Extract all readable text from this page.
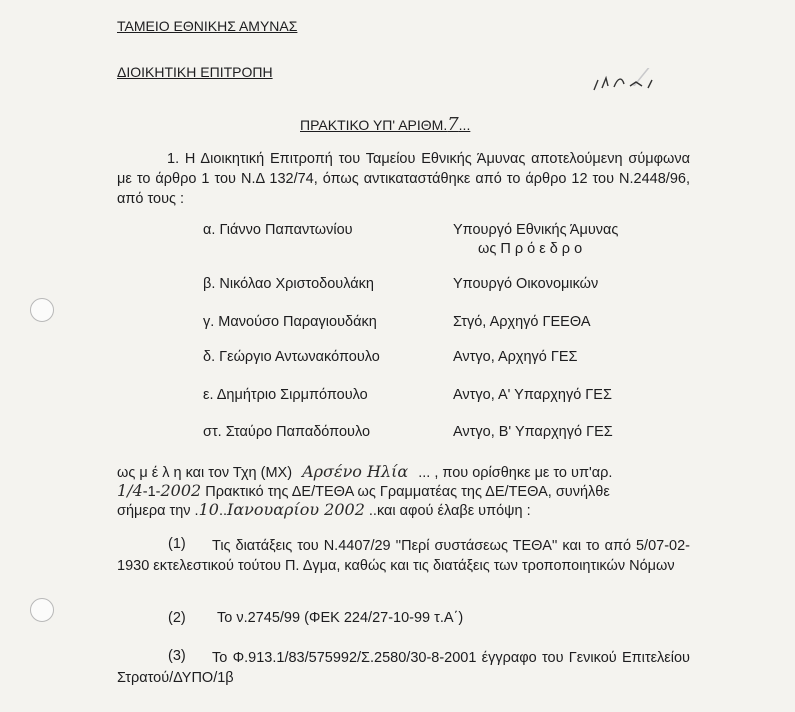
⁄
ΤΑΜΕΙΟ ΕΘΝΙΚΗΣ ΑΜΥΝΑΣ
ΔΙΟΙΚΗΤΙΚΗ ΕΠΙΤΡΟΠΗ
ΠΡΑΚΤΙΚΟ ΥΠ' ΑΡΙΘΜ.7...
1. Η Διοικητική Επιτροπή του Ταμείου Εθνικής Άμυνας αποτελούμενη σύμφωνα με το άρθρο 1 του Ν.Δ 132/74, όπως αντικαταστάθηκε από το άρθρο 12 του Ν.2448/96, από τους :
α. Γιάννο Παπαντωνίου	Υπουργό Εθνικής Άμυνας
ως Π ρ ό ε δ ρ ο
β. Νικόλαο Χριστοδουλάκη	Υπουργό Οικονομικών
γ. Μανούσο Παραγιουδάκη	Στγό, Αρχηγό ΓΕΕΘΑ
δ. Γεώργιο Αντωνακόπουλο	Αντγο, Αρχηγό ΓΕΣ
ε. Δημήτριο Σιρμπόπουλο	Αντγο, Α' Υπαρχηγό ΓΕΣ
στ. Σταύρο Παπαδόπουλο	Αντγο, Β' Υπαρχηγό ΓΕΣ
ως μ έ λ η και τον Τχη (ΜΧ) Αρσένο Ηλία ... , που ορίσθηκε με το υπ'αρ.
1/4-1-2002 Πρακτικό της ΔΕ/ΤΕΘΑ ως Γραμματέας της ΔΕ/ΤΕΘΑ, συνήλθε
σήμερα την .10..Ιανουαρίου 2002 ..και αφού έλαβε υπόψη :
(1)	Τις διατάξεις του Ν.4407/29 ''Περί συστάσεως ΤΕΘΑ'' και το από 5/07-02-1930 εκτελεστικού τούτου Π. Δγμα, καθώς και τις διατάξεις των τροποποιητικών Νόμων
(2) Το ν.2745/99 (ΦΕΚ 224/27-10-99 τ.Α΄)
(3)	Το Φ.913.1/83/575992/Σ.2580/30-8-2001 έγγραφο του Γενικού Επιτελείου Στρατού/ΔΥΠΟ/1β
